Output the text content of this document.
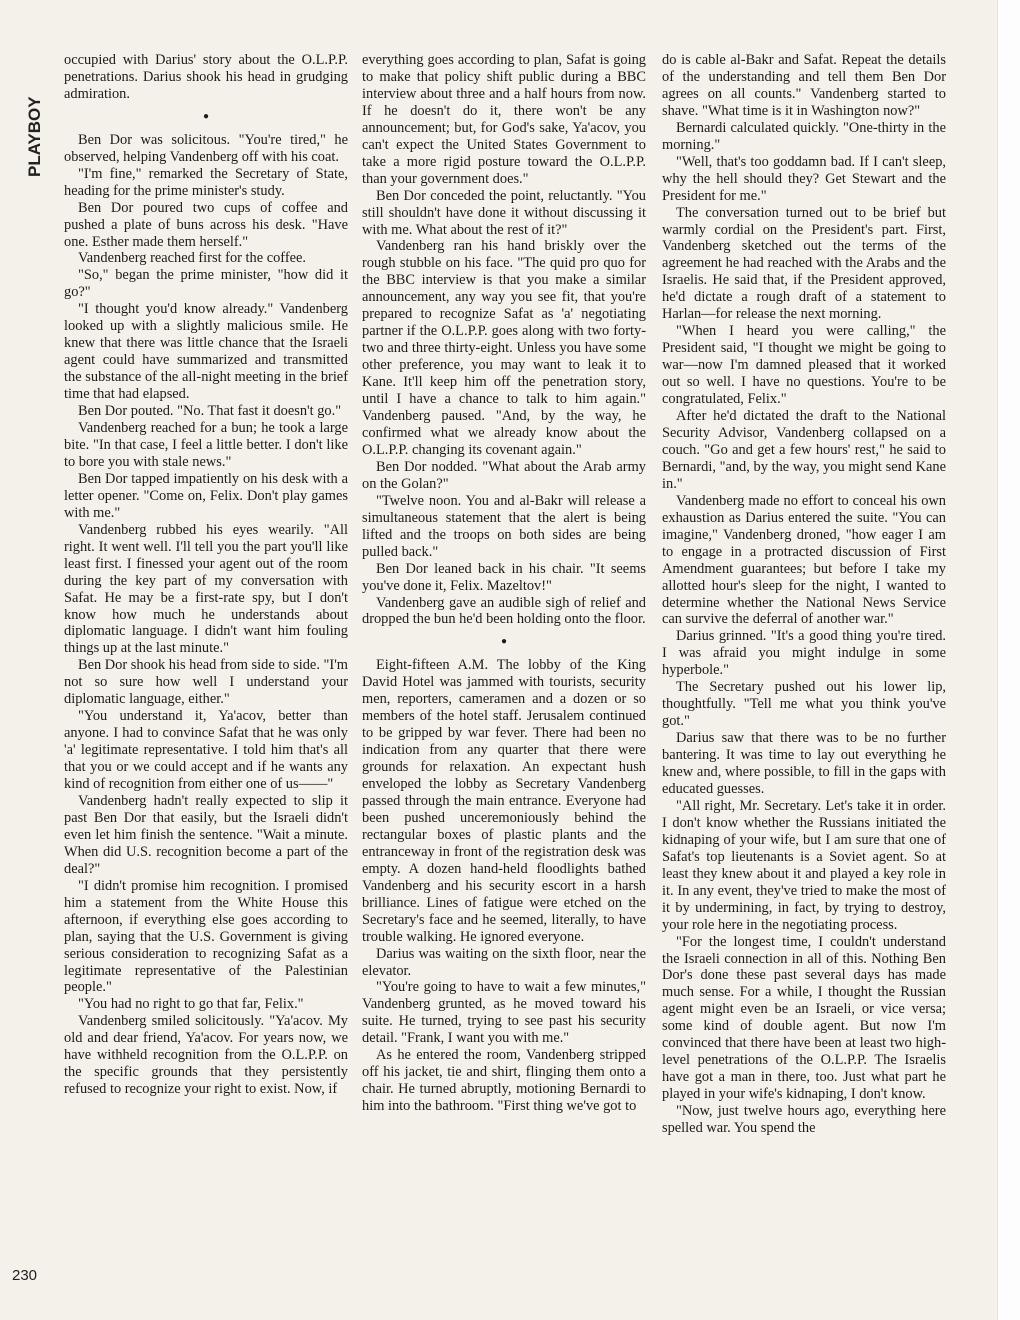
PLAYBOY
230

occupied with Darius' story about the O.L.P.P. penetrations. Darius shook his head in grudging admiration.

●

Ben Dor was solicitous. "You're tired," he observed, helping Vandenberg off with his coat.

"I'm fine," remarked the Secretary of State, heading for the prime minister's study.

Ben Dor poured two cups of coffee and pushed a plate of buns across his desk. "Have one. Esther made them herself."

Vandenberg reached first for the coffee.

"So," began the prime minister, "how did it go?"

"I thought you'd know already." Vandenberg looked up with a slightly malicious smile. He knew that there was little chance that the Israeli agent could have summarized and transmitted the substance of the all-night meeting in the brief time that had elapsed.

Ben Dor pouted. "No. That fast it doesn't go."

Vandenberg reached for a bun; he took a large bite. "In that case, I feel a little better. I don't like to bore you with stale news."

Ben Dor tapped impatiently on his desk with a letter opener. "Come on, Felix. Don't play games with me."

Vandenberg rubbed his eyes wearily. "All right. It went well. I'll tell you the part you'll like least first. I finessed your agent out of the room during the key part of my conversation with Safat. He may be a first-rate spy, but I don't know how much he understands about diplomatic language. I didn't want him fouling things up at the last minute."

Ben Dor shook his head from side to side. "I'm not so sure how well I understand your diplomatic language, either."

"You understand it, Ya'acov, better than anyone. I had to convince Safat that he was only 'a' legitimate representative. I told him that's all that you or we could accept and if he wants any kind of recognition from either one of us——"

Vandenberg hadn't really expected to slip it past Ben Dor that easily, but the Israeli didn't even let him finish the sentence. "Wait a minute. When did U.S. recognition become a part of the deal?"

"I didn't promise him recognition. I promised him a statement from the White House this afternoon, if everything else goes according to plan, saying that the U.S. Government is giving serious consideration to recognizing Safat as a legitimate representative of the Palestinian people."

"You had no right to go that far, Felix."

Vandenberg smiled solicitously. "Ya'acov. My old and dear friend, Ya'acov. For years now, we have withheld recognition from the O.L.P.P. on the specific grounds that they persistently refused to recognize your right to exist. Now, if

everything goes according to plan, Safat is going to make that policy shift public during a BBC interview about three and a half hours from now. If he doesn't do it, there won't be any announcement; but, for God's sake, Ya'acov, you can't expect the United States Government to take a more rigid posture toward the O.L.P.P. than your government does."

Ben Dor conceded the point, reluctantly. "You still shouldn't have done it without discussing it with me. What about the rest of it?"

Vandenberg ran his hand briskly over the rough stubble on his face. "The quid pro quo for the BBC interview is that you make a similar announcement, any way you see fit, that you're prepared to recognize Safat as 'a' negotiating partner if the O.L.P.P. goes along with two forty-two and three thirty-eight. Unless you have some other preference, you may want to leak it to Kane. It'll keep him off the penetration story, until I have a chance to talk to him again." Vandenberg paused. "And, by the way, he confirmed what we already know about the O.L.P.P. changing its covenant again."

Ben Dor nodded. "What about the Arab army on the Golan?"

"Twelve noon. You and al-Bakr will release a simultaneous statement that the alert is being lifted and the troops on both sides are being pulled back."

Ben Dor leaned back in his chair. "It seems you've done it, Felix. Mazeltov!"

Vandenberg gave an audible sigh of relief and dropped the bun he'd been holding onto the floor.

●

Eight-fifteen A.M. The lobby of the King David Hotel was jammed with tourists, security men, reporters, cameramen and a dozen or so members of the hotel staff. Jerusalem continued to be gripped by war fever. There had been no indication from any quarter that there were grounds for relaxation. An expectant hush enveloped the lobby as Secretary Vandenberg passed through the main entrance. Everyone had been pushed unceremoniously behind the rectangular boxes of plastic plants and the entranceway in front of the registration desk was empty. A dozen hand-held floodlights bathed Vandenberg and his security escort in a harsh brilliance. Lines of fatigue were etched on the Secretary's face and he seemed, literally, to have trouble walking. He ignored everyone.

Darius was waiting on the sixth floor, near the elevator.

"You're going to have to wait a few minutes," Vandenberg grunted, as he moved toward his suite. He turned, trying to see past his security detail. "Frank, I want you with me."

As he entered the room, Vandenberg stripped off his jacket, tie and shirt, flinging them onto a chair. He turned abruptly, motioning Bernardi to him into the bathroom. "First thing we've got to

do is cable al-Bakr and Safat. Repeat the details of the understanding and tell them Ben Dor agrees on all counts." Vandenberg started to shave. "What time is it in Washington now?"

Bernardi calculated quickly. "One-thirty in the morning."

"Well, that's too goddamn bad. If I can't sleep, why the hell should they? Get Stewart and the President for me."

The conversation turned out to be brief but warmly cordial on the President's part. First, Vandenberg sketched out the terms of the agreement he had reached with the Arabs and the Israelis. He said that, if the President approved, he'd dictate a rough draft of a statement to Harlan—for release the next morning.

"When I heard you were calling," the President said, "I thought we might be going to war—now I'm damned pleased that it worked out so well. I have no questions. You're to be congratulated, Felix."

After he'd dictated the draft to the National Security Advisor, Vandenberg collapsed on a couch. "Go and get a few hours' rest," he said to Bernardi, "and, by the way, you might send Kane in."

Vandenberg made no effort to conceal his own exhaustion as Darius entered the suite. "You can imagine," Vandenberg droned, "how eager I am to engage in a protracted discussion of First Amendment guarantees; but before I take my allotted hour's sleep for the night, I wanted to determine whether the National News Service can survive the deferral of another war."

Darius grinned. "It's a good thing you're tired. I was afraid you might indulge in some hyperbole."

The Secretary pushed out his lower lip, thoughtfully. "Tell me what you think you've got."

Darius saw that there was to be no further bantering. It was time to lay out everything he knew and, where possible, to fill in the gaps with educated guesses.

"All right, Mr. Secretary. Let's take it in order. I don't know whether the Russians initiated the kidnaping of your wife, but I am sure that one of Safat's top lieutenants is a Soviet agent. So at least they knew about it and played a key role in it. In any event, they've tried to make the most of it by undermining, in fact, by trying to destroy, your role here in the negotiating process.

"For the longest time, I couldn't understand the Israeli connection in all of this. Nothing Ben Dor's done these past several days has made much sense. For a while, I thought the Russian agent might even be an Israeli, or vice versa; some kind of double agent. But now I'm convinced that there have been at least two high-level penetrations of the O.L.P.P. The Israelis have got a man in there, too. Just what part he played in your wife's kidnaping, I don't know.

"Now, just twelve hours ago, everything here spelled war. You spend the
